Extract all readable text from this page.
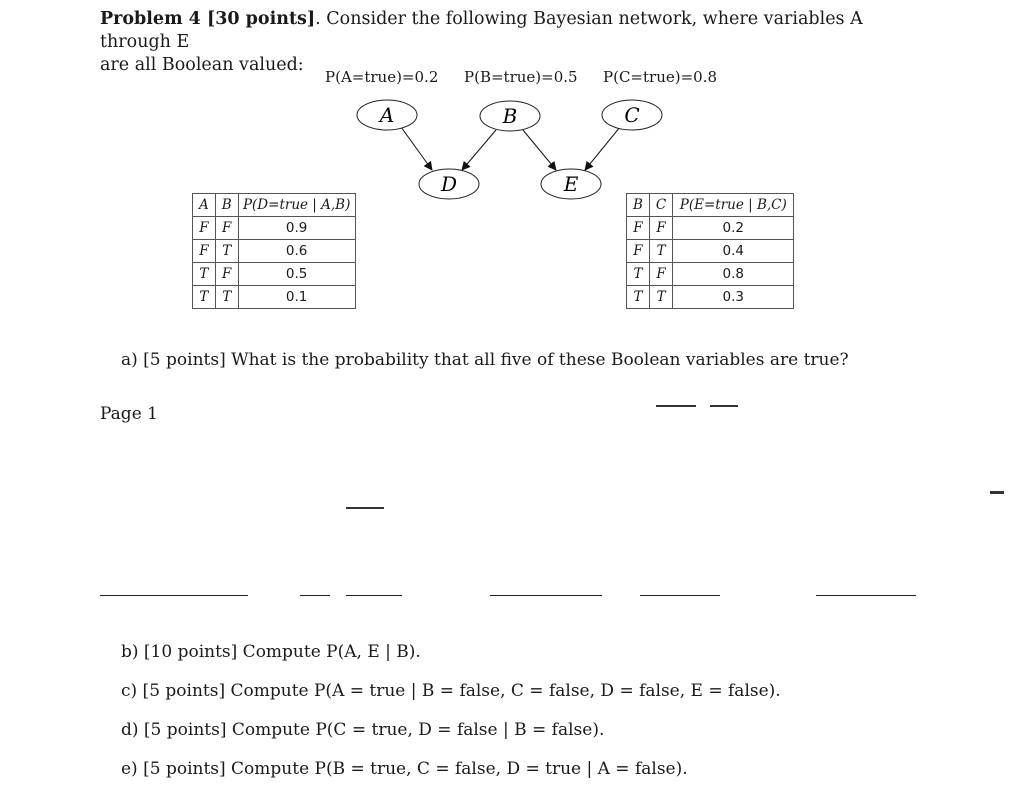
Problem 4 [30 points]. Consider the following Bayesian network, where variables A through E
are all Boolean valued:
P(A=true)=0.2 P(B=true)=0.5 P(C=true)=0.8
A	B	C
D	E
A	B	P(D=true | A,B)
F	F	0.9
F	T	0.6
T	F	0.5
T	T	0.1
B	C	P(E=true | B,C)
F	F	0.2
F	T	0.4
T	F	0.8
T	T	0.3
a) [5 points] What is the probability that all five of these Boolean variables are true?
Page 1
b) [10 points] Compute P(A, E | B).
c) [5 points] Compute P(A = true | B = false, C = false, D = false, E = false).
d) [5 points] Compute P(C = true, D = false | B = false).
e) [5 points] Compute P(B = true, C = false, D = true | A = false).
